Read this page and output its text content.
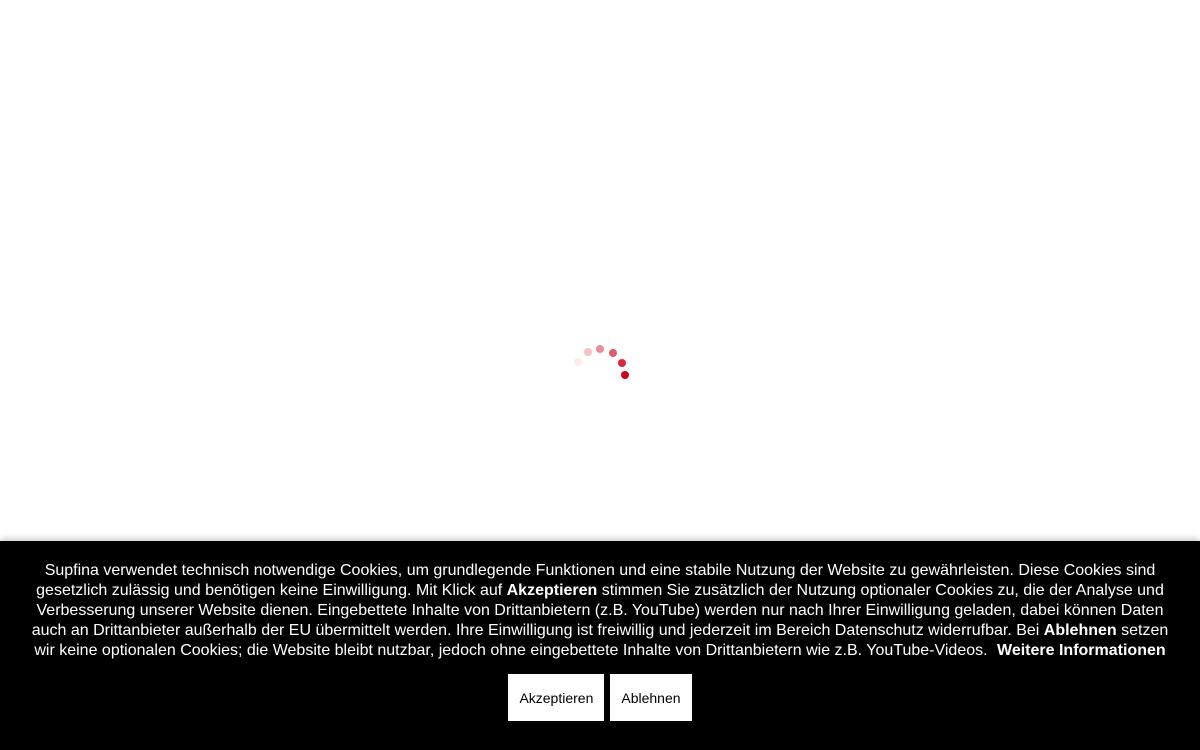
Supfina verwendet technisch notwendige Cookies, um grundlegende Funktionen und eine stabile Nutzung der Website zu gewährleisten. Diese Cookies sind gesetzlich zulässig und benötigen keine Einwilligung. Mit Klick auf Akzeptieren stimmen Sie zusätzlich der Nutzung optionaler Cookies zu, die der Analyse und Verbesserung unserer Website dienen. Eingebettete Inhalte von Drittanbietern (z.B. YouTube) werden nur nach Ihrer Einwilligung geladen, dabei können Daten auch an Drittanbieter außerhalb der EU übermittelt werden. Ihre Einwilligung ist freiwillig und jederzeit im Bereich Datenschutz widerrufbar. Bei Ablehnen setzen wir keine optionalen Cookies; die Website bleibt nutzbar, jedoch ohne eingebettete Inhalte von Drittanbietern wie z.B. YouTube-Videos. Weitere Informationen

Akzeptieren	Ablehnen
